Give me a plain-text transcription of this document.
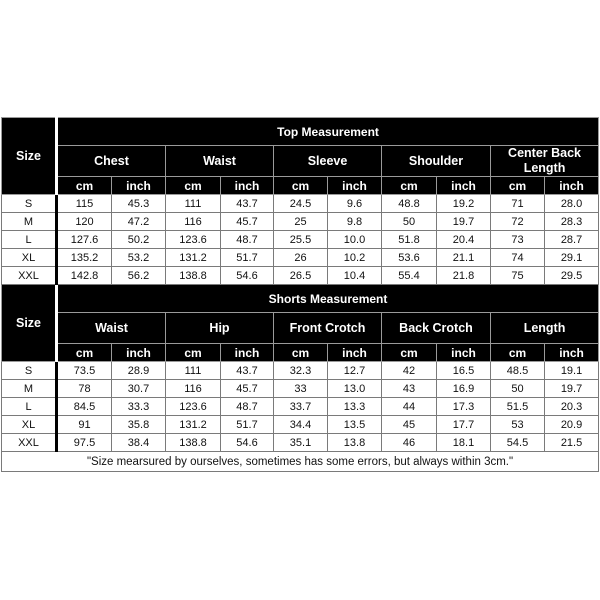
Size	Top Measurement									
	Chest		Waist		Sleeve		Shoulder		Center Back Length	
	cm	inch	cm	inch	cm	inch	cm	inch	cm	inch
S	115	45.3	111	43.7	24.5	9.6	48.8	19.2	71	28.0
M	120	47.2	116	45.7	25	9.8	50	19.7	72	28.3
L	127.6	50.2	123.6	48.7	25.5	10.0	51.8	20.4	73	28.7
XL	135.2	53.2	131.2	51.7	26	10.2	53.6	21.1	74	29.1
XXL	142.8	56.2	138.8	54.6	26.5	10.4	55.4	21.8	75	29.5
Size	Shorts Measurement									
	Waist		Hip		Front Crotch		Back Crotch		Length	
	cm	inch	cm	inch	cm	inch	cm	inch	cm	inch
S	73.5	28.9	111	43.7	32.3	12.7	42	16.5	48.5	19.1
M	78	30.7	116	45.7	33	13.0	43	16.9	50	19.7
L	84.5	33.3	123.6	48.7	33.7	13.3	44	17.3	51.5	20.3
XL	91	35.8	131.2	51.7	34.4	13.5	45	17.7	53	20.9
XXL	97.5	38.4	138.8	54.6	35.1	13.8	46	18.1	54.5	21.5
"Size mearsured by ourselves, sometimes has some errors, but always within 3cm."										
